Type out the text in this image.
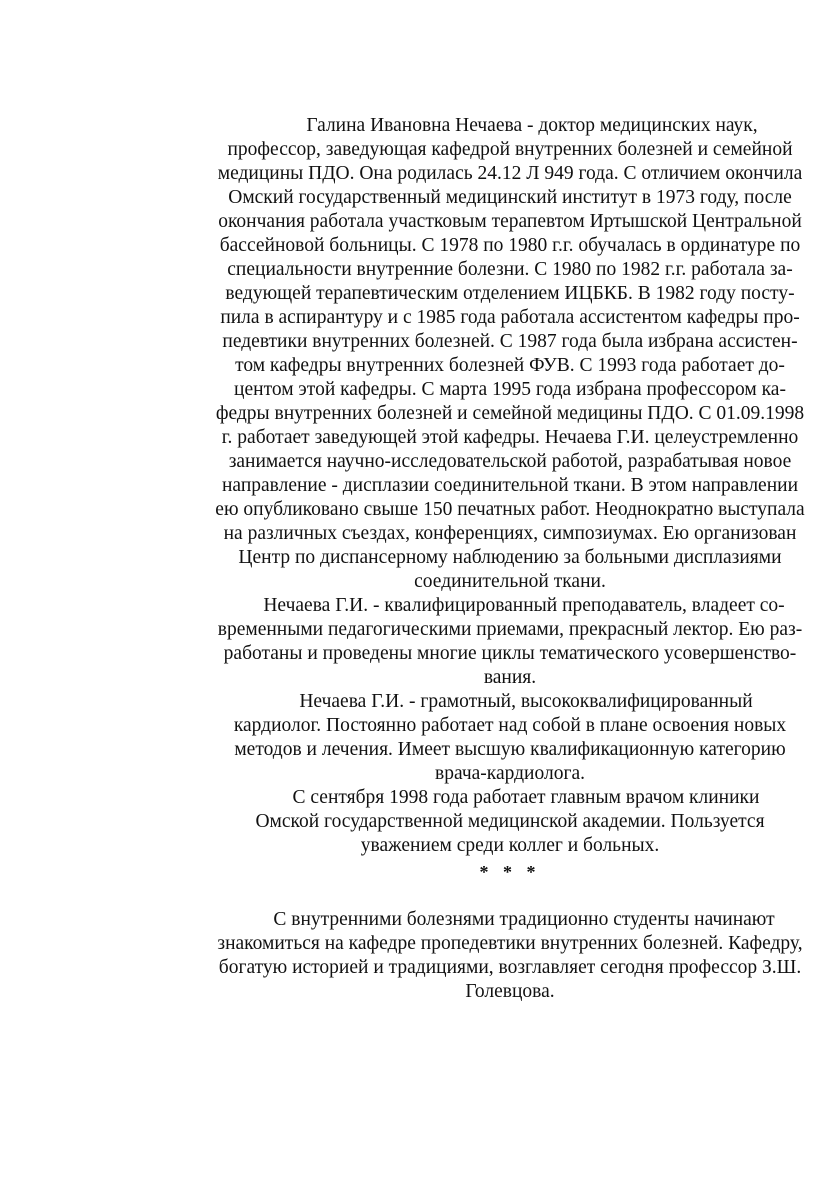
Галина Ивановна Нечаева - доктор медицинских наук,
профессор, заведующая кафедрой внутренних болезней и семейной
медицины ПДО. Она родилась 24.12 Л 949 года. С отличием окончила
Омский государственный медицинский институт в 1973 году, после
окончания работала участковым терапевтом Иртышской Центральной
бассейновой больницы. С 1978 по 1980 г.г. обучалась в ординатуре по
специальности внутренние болезни. С 1980 по 1982 г.г. работала за-
ведующей терапевтическим отделением ИЦБКБ. В 1982 году посту-
пила в аспирантуру и с 1985 года работала ассистентом кафедры про-
педевтики внутренних болезней. С 1987 года была избрана ассистен-
том кафедры внутренних болезней ФУВ. С 1993 года работает до-
центом этой кафедры. С марта 1995 года избрана профессором ка-
федры внутренних болезней и семейной медицины ПДО. С 01.09.1998
г. работает заведующей этой кафедры. Нечаева Г.И. целеустремленно
занимается научно-исследовательской работой, разрабатывая новое
направление - дисплазии соединительной ткани. В этом направлении
ею опубликовано свыше 150 печатных работ. Неоднократно выступала
на различных съездах, конференциях, симпозиумах. Ею организован
Центр по диспансерному наблюдению за больными дисплазиями
соединительной ткани.
Нечаева Г.И. - квалифицированный преподаватель, владеет со-
временными педагогическими приемами, прекрасный лектор. Ею раз-
работаны и проведены многие циклы тематического усовершенство-
вания.
Нечаева Г.И. - грамотный, высококвалифицированный
кардиолог. Постоянно работает над собой в плане освоения новых
методов и лечения. Имеет высшую квалификационную категорию
врача-кардиолога.
С сентября 1998 года работает главным врачом клиники
Омской государственной медицинской академии. Пользуется
уважением среди коллег и больных.
* * *
С внутренними болезнями традиционно студенты начинают
знакомиться на кафедре пропедевтики внутренних болезней. Кафедру,
богатую историей и традициями, возглавляет сегодня профессор З.Ш.
Голевцова.
